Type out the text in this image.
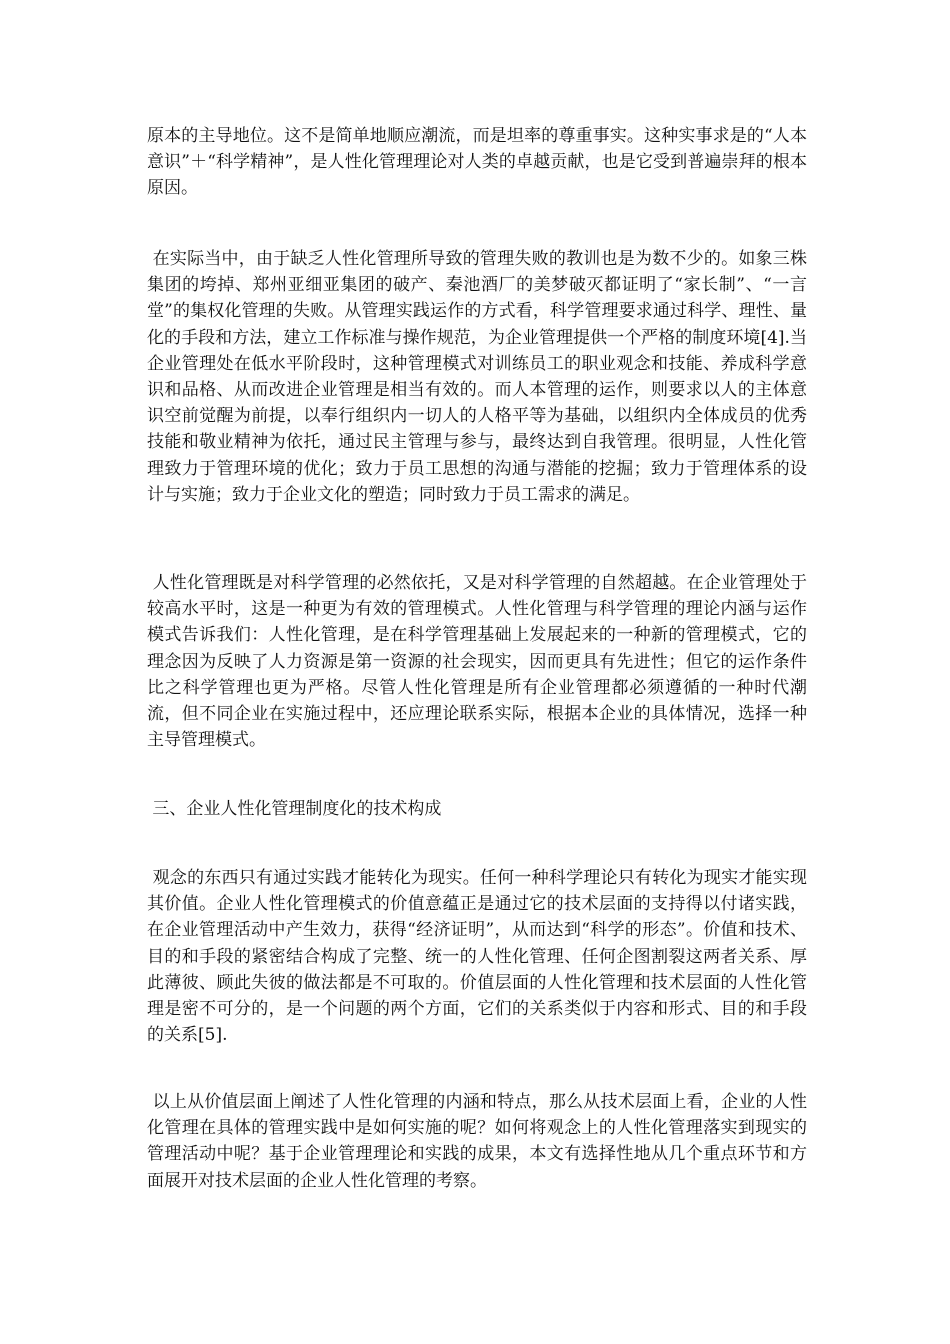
原本的主导地位。这不是简单地顺应潮流，而是坦率的尊重事实。这种实事求是的“人本意识”＋“科学精神”，是人性化管理理论对人类的卓越贡献，也是它受到普遍崇拜的根本原因。

在实际当中，由于缺乏人性化管理所导致的管理失败的教训也是为数不少的。如象三株集团的垮掉、郑州亚细亚集团的破产、秦池酒厂的美梦破灭都证明了“家长制”、“一言堂”的集权化管理的失败。从管理实践运作的方式看，科学管理要求通过科学、理性、量化的手段和方法，建立工作标准与操作规范，为企业管理提供一个严格的制度环境[4].当企业管理处在低水平阶段时，这种管理模式对训练员工的职业观念和技能、养成科学意识和品格、从而改进企业管理是相当有效的。而人本管理的运作，则要求以人的主体意识空前觉醒为前提，以奉行组织内一切人的人格平等为基础，以组织内全体成员的优秀技能和敬业精神为依托，通过民主管理与参与，最终达到自我管理。很明显，人性化管理致力于管理环境的优化；致力于员工思想的沟通与潜能的挖掘；致力于管理体系的设计与实施；致力于企业文化的塑造；同时致力于员工需求的满足。

人性化管理既是对科学管理的必然依托，又是对科学管理的自然超越。在企业管理处于较高水平时，这是一种更为有效的管理模式。人性化管理与科学管理的理论内涵与运作模式告诉我们：人性化管理，是在科学管理基础上发展起来的一种新的管理模式，它的理念因为反映了人力资源是第一资源的社会现实，因而更具有先进性；但它的运作条件比之科学管理也更为严格。尽管人性化管理是所有企业管理都必须遵循的一种时代潮流，但不同企业在实施过程中，还应理论联系实际，根据本企业的具体情况，选择一种主导管理模式。

三、企业人性化管理制度化的技术构成

观念的东西只有通过实践才能转化为现实。任何一种科学理论只有转化为现实才能实现其价值。企业人性化管理模式的价值意蕴正是通过它的技术层面的支持得以付诸实践，在企业管理活动中产生效力，获得“经济证明”，从而达到“科学的形态”。价值和技术、目的和手段的紧密结合构成了完整、统一的人性化管理、任何企图割裂这两者关系、厚此薄彼、顾此失彼的做法都是不可取的。价值层面的人性化管理和技术层面的人性化管理是密不可分的，是一个问题的两个方面，它们的关系类似于内容和形式、目的和手段的关系[5].

以上从价值层面上阐述了人性化管理的内涵和特点，那么从技术层面上看，企业的人性化管理在具体的管理实践中是如何实施的呢？如何将观念上的人性化管理落实到现实的管理活动中呢？基于企业管理理论和实践的成果，本文有选择性地从几个重点环节和方面展开对技术层面的企业人性化管理的考察。
